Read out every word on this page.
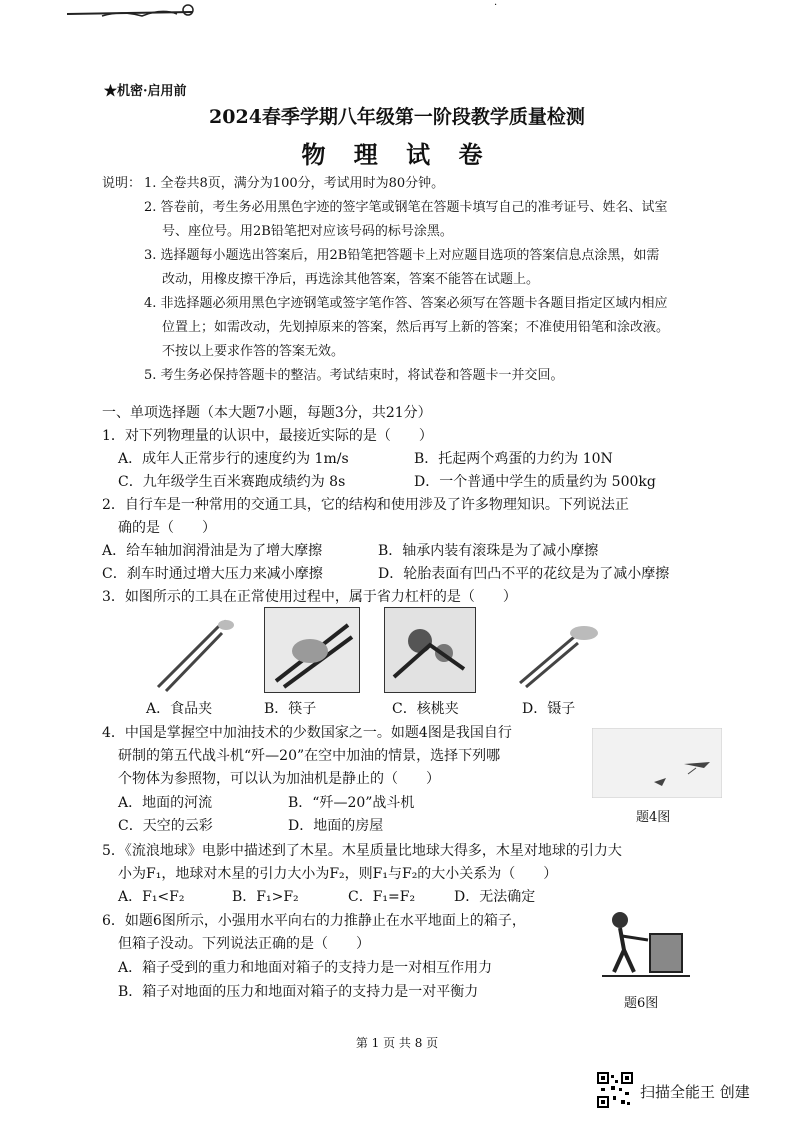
·
★机密·启用前
2024春季学期八年级第一阶段教学质量检测
物 理 试 卷
说明： 1. 全卷共8页，满分为100分，考试用时为80分钟。
2. 答卷前，考生务必用黑色字迹的签字笔或钢笔在答题卡填写自己的准考证号、姓名、试室
号、座位号。用2B铅笔把对应该号码的标号涂黑。
3. 选择题每小题选出答案后，用2B铅笔把答题卡上对应题目选项的答案信息点涂黑，如需
改动，用橡皮擦干净后，再选涂其他答案，答案不能答在试题上。
4. 非选择题必须用黑色字迹钢笔或签字笔作答、答案必须写在答题卡各题目指定区域内相应
位置上；如需改动，先划掉原来的答案，然后再写上新的答案；不准使用铅笔和涂改液。
不按以上要求作答的答案无效。
5. 考生务必保持答题卡的整洁。考试结束时，将试卷和答题卡一并交回。
一、单项选择题（本大题7小题，每题3分，共21分）
1．对下列物理量的认识中，最接近实际的是（　　）
A．成年人正常步行的速度约为 1m/s	B．托起两个鸡蛋的力约为 10N
C．九年级学生百米赛跑成绩约为 8s	D．一个普通中学生的质量约为 500kg
2．自行车是一种常用的交通工具，它的结构和使用涉及了许多物理知识。下列说法正
确的是（　　）
A．给车轴加润滑油是为了增大摩擦	B．轴承内装有滚珠是为了减小摩擦
C．刹车时通过增大压力来减小摩擦	D．轮胎表面有凹凸不平的花纹是为了减小摩擦
3．如图所示的工具在正常使用过程中，属于省力杠杆的是（　　）
A．食品夹	B．筷子	C．核桃夹	D．镊子
4．中国是掌握空中加油技术的少数国家之一。如题4图是我国自行
研制的第五代战斗机“歼—20”在空中加油的情景，选择下列哪
个物体为参照物，可以认为加油机是静止的（　　）
A．地面的河流	B．“歼—20”战斗机
C．天空的云彩	D．地面的房屋
题4图
5．《流浪地球》电影中描述到了木星。木星质量比地球大得多，木星对地球的引力大
小为F₁，地球对木星的引力大小为F₂，则F₁与F₂的大小关系为（　　）
A．F₁<F₂	B．F₁>F₂	C．F₁=F₂	D．无法确定
6．如题6图所示，小强用水平向右的力推静止在水平地面上的箱子，
但箱子没动。下列说法正确的是（　　）
A．箱子受到的重力和地面对箱子的支持力是一对相互作用力
B．箱子对地面的压力和地面对箱子的支持力是一对平衡力
题6图
第 1 页 共 8 页
扫描全能王 创建
